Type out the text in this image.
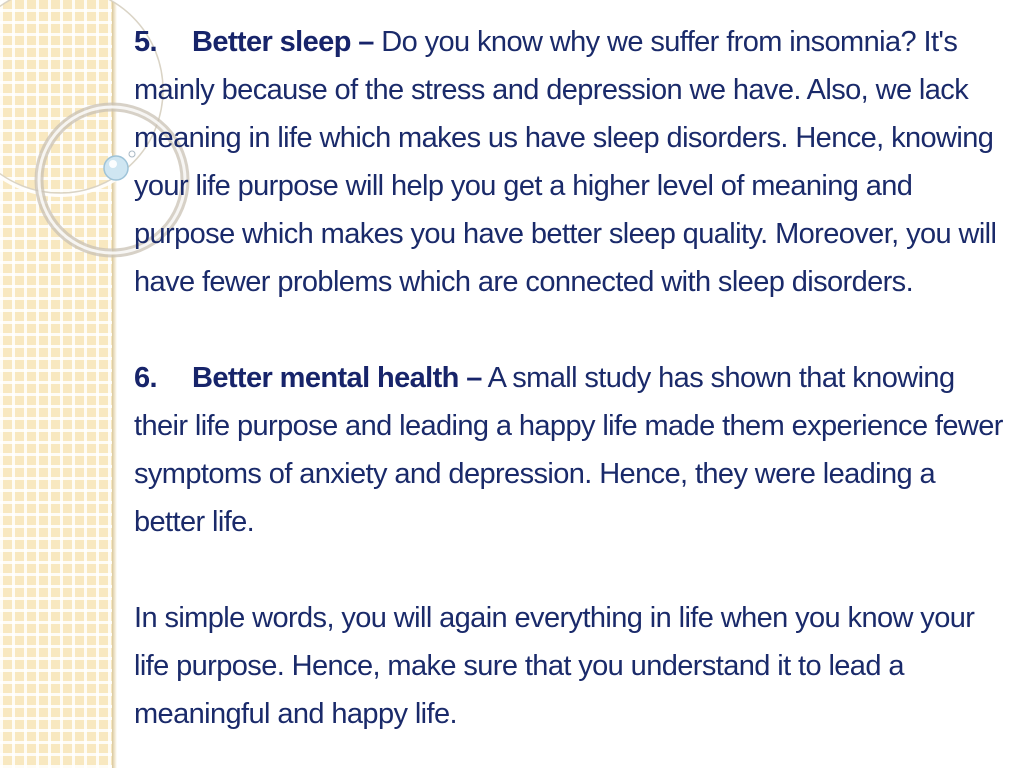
5. Better sleep – Do you know why we suffer from insomnia? It's mainly because of the stress and depression we have. Also, we lack meaning in life which makes us have sleep disorders. Hence, knowing your life purpose will help you get a higher level of meaning and purpose which makes you have better sleep quality. Moreover, you will have fewer problems which are connected with sleep disorders.

6. Better mental health – A small study has shown that knowing their life purpose and leading a happy life made them experience fewer symptoms of anxiety and depression. Hence, they were leading a better life.

In simple words, you will again everything in life when you know your life purpose. Hence, make sure that you understand it to lead a meaningful and happy life.
